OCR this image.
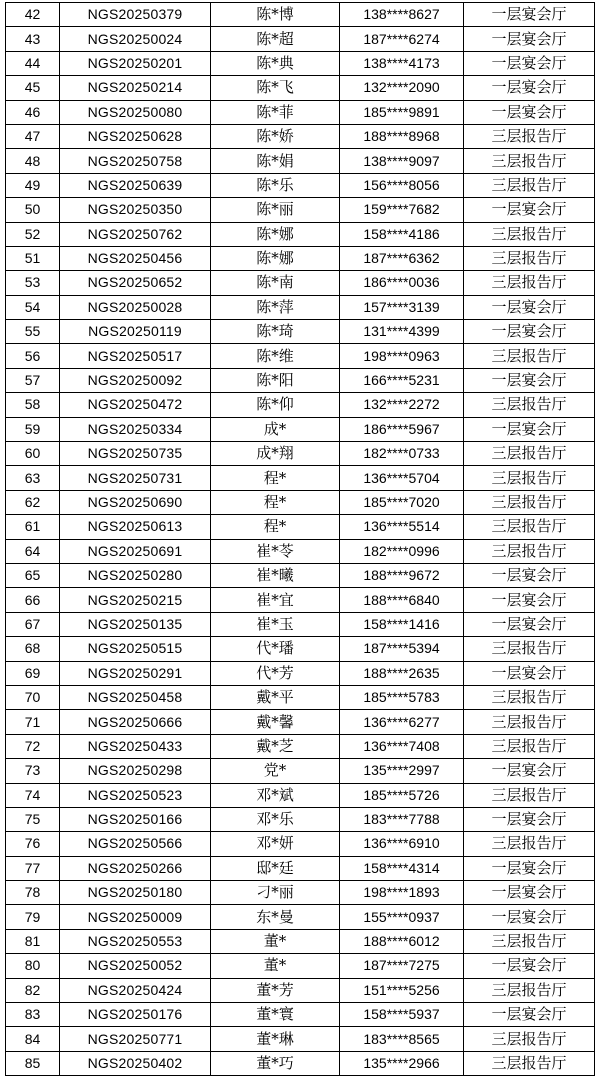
42	NGS20250379	陈*博	138****8627	一层宴会厅
43	NGS20250024	陈*超	187****6274	一层宴会厅
44	NGS20250201	陈*典	138****4173	一层宴会厅
45	NGS20250214	陈*飞	132****2090	一层宴会厅
46	NGS20250080	陈*菲	185****9891	一层宴会厅
47	NGS20250628	陈*娇	188****8968	三层报告厅
48	NGS20250758	陈*娟	138****9097	三层报告厅
49	NGS20250639	陈*乐	156****8056	三层报告厅
50	NGS20250350	陈*丽	159****7682	一层宴会厅
52	NGS20250762	陈*娜	158****4186	三层报告厅
51	NGS20250456	陈*娜	187****6362	三层报告厅
53	NGS20250652	陈*南	186****0036	三层报告厅
54	NGS20250028	陈*萍	157****3139	一层宴会厅
55	NGS20250119	陈*琦	131****4399	一层宴会厅
56	NGS20250517	陈*维	198****0963	三层报告厅
57	NGS20250092	陈*阳	166****5231	一层宴会厅
58	NGS20250472	陈*仰	132****2272	三层报告厅
59	NGS20250334	成*	186****5967	一层宴会厅
60	NGS20250735	成*翔	182****0733	三层报告厅
63	NGS20250731	程*	136****5704	三层报告厅
62	NGS20250690	程*	185****7020	三层报告厅
61	NGS20250613	程*	136****5514	三层报告厅
64	NGS20250691	崔*苓	182****0996	三层报告厅
65	NGS20250280	崔*曦	188****9672	一层宴会厅
66	NGS20250215	崔*宜	188****6840	一层宴会厅
67	NGS20250135	崔*玉	158****1416	一层宴会厅
68	NGS20250515	代*璠	187****5394	三层报告厅
69	NGS20250291	代*芳	188****2635	一层宴会厅
70	NGS20250458	戴*平	185****5783	三层报告厅
71	NGS20250666	戴*馨	136****6277	三层报告厅
72	NGS20250433	戴*芝	136****7408	三层报告厅
73	NGS20250298	党*	135****2997	一层宴会厅
74	NGS20250523	邓*斌	185****5726	三层报告厅
75	NGS20250166	邓*乐	183****7788	一层宴会厅
76	NGS20250566	邓*妍	136****6910	三层报告厅
77	NGS20250266	邸*廷	158****4314	一层宴会厅
78	NGS20250180	刁*丽	198****1893	一层宴会厅
79	NGS20250009	东*曼	155****0937	一层宴会厅
81	NGS20250553	董*	188****6012	三层报告厅
80	NGS20250052	董*	187****7275	一层宴会厅
82	NGS20250424	董*芳	151****5256	三层报告厅
83	NGS20250176	董*寰	158****5937	一层宴会厅
84	NGS20250771	董*琳	183****8565	三层报告厅
85	NGS20250402	董*巧	135****2966	三层报告厅
